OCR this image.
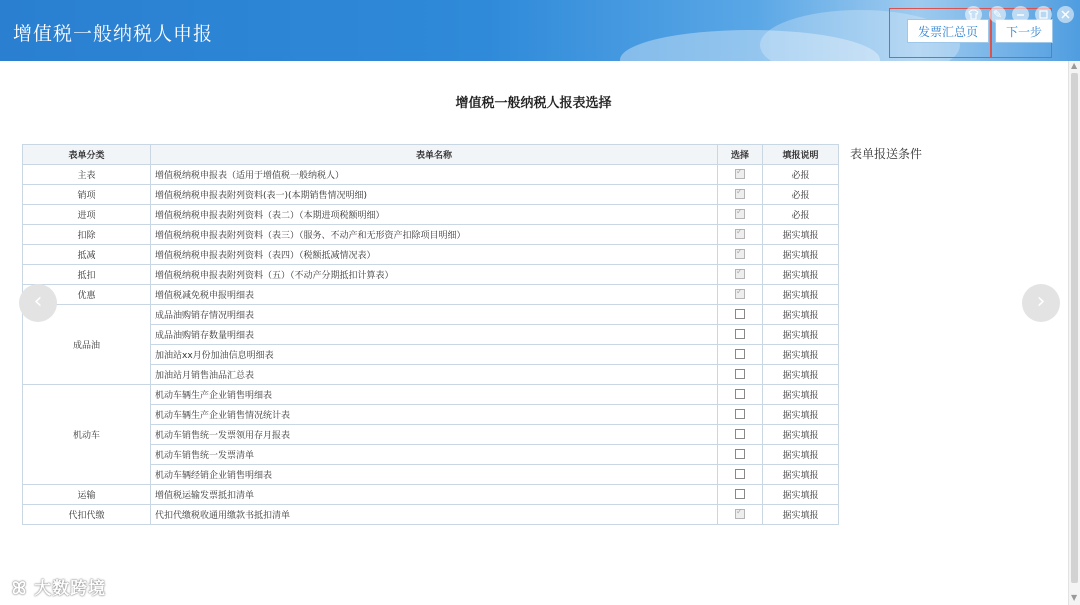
增值税一般纳税人申报	发票汇总页	下一步
✎
增值税一般纳税人报表选择
表单报送条件
表单分类	表单名称	选择	填报说明
主表	增值税纳税申报表（适用于增值税一般纳税人）	✓	必报
销项	增值税纳税申报表附列资料(表一)(本期销售情况明细)	✓	必报
进项	增值税纳税申报表附列资料（表二）（本期进项税额明细）	✓	必报
扣除	增值税纳税申报表附列资料（表三）（服务、不动产和无形资产扣除项目明细）	✓	据实填报
抵减	增值税纳税申报表附列资料（表四）（税额抵减情况表）	✓	据实填报
抵扣	增值税纳税申报表附列资料（五）（不动产分期抵扣计算表）	✓	据实填报
优惠	增值税减免税申报明细表	✓	据实填报
成品油	成品油购销存情况明细表		据实填报
	成品油购销存数量明细表		据实填报
	加油站xx月份加油信息明细表		据实填报
	加油站月销售油品汇总表		据实填报
机动车	机动车辆生产企业销售明细表		据实填报
	机动车辆生产企业销售情况统计表		据实填报
	机动车销售统一发票领用存月报表		据实填报
	机动车销售统一发票清单		据实填报
	机动车辆经销企业销售明细表		据实填报
运输	增值税运输发票抵扣清单		据实填报
代扣代缴	代扣代缴税收通用缴款书抵扣清单	✓	据实填报
‹	›
▲
▼
ꕤ 大数跨境
